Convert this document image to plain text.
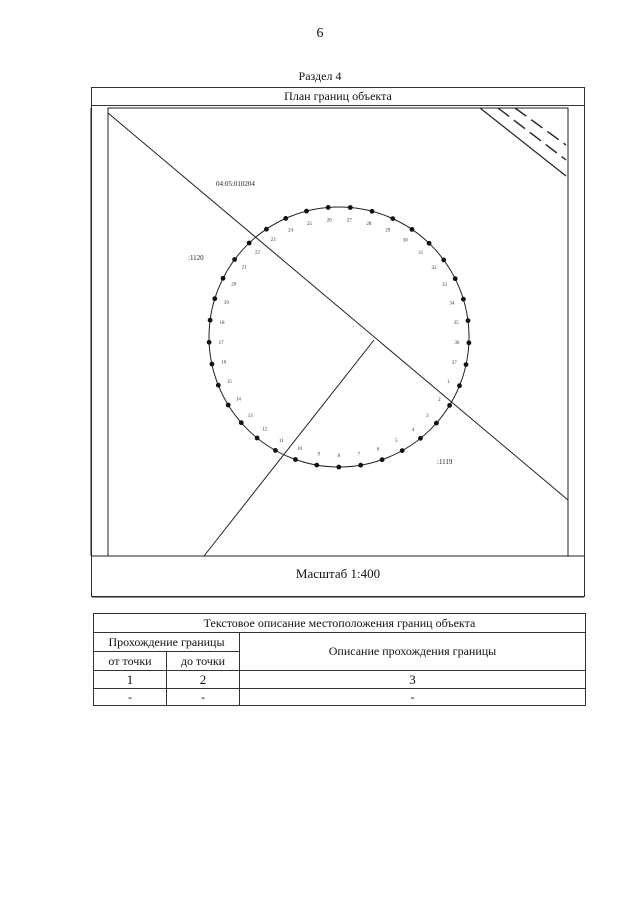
6
Раздел 4
План границ объекта
1
2
3
4
5
6
7
8
9
10
11
12
13
14
15
16
17
18
19
20
21
22
23
24
25
26	27
28
29
30
31
32
33
34
35
36
37
04:05:010204
:1120
:1119
Масштаб 1:400
Текстовое описание местоположения границ объекта		
Прохождение границы		Описание прохождения границы
от точки	до точки	
1	2	3
-	-	-
